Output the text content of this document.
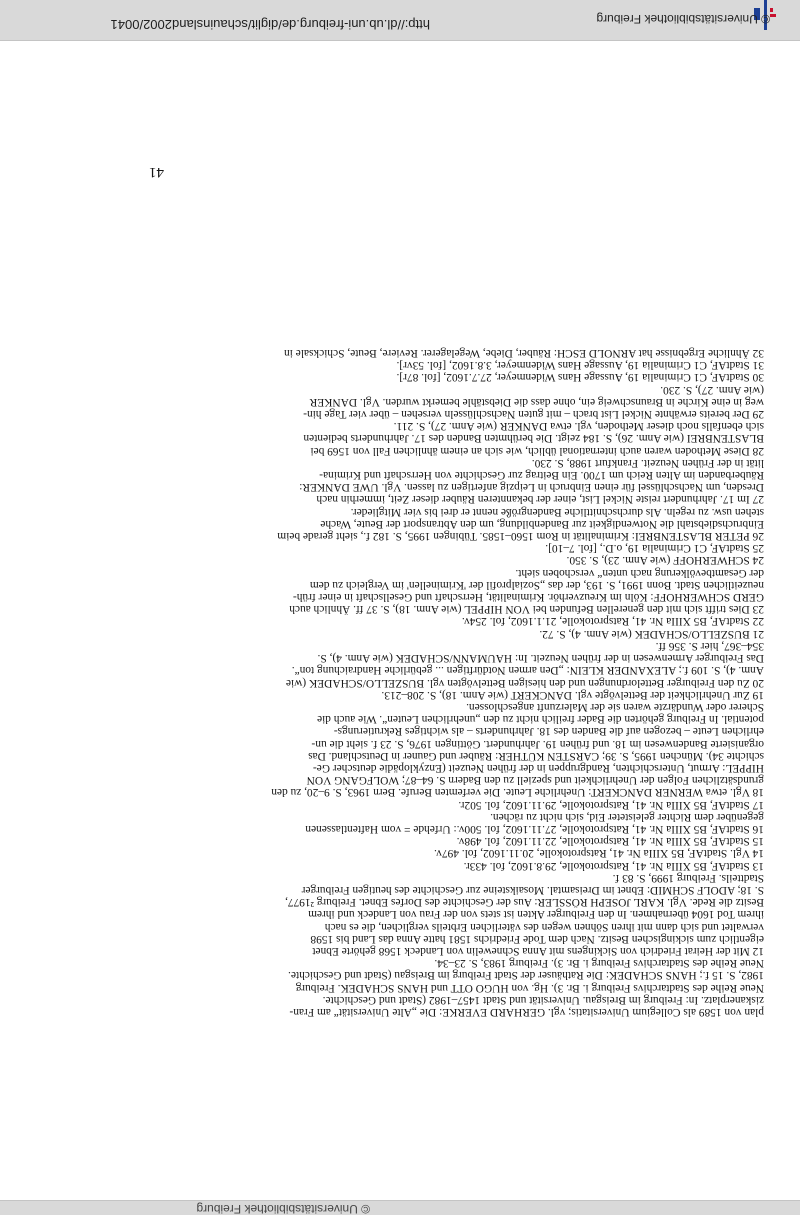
http://dl.ub.uni-freiburg.de/diglit/schauinsland2002/0041	© Universitätsbibliothek Freiburg
© Universitätsbibliothek Freiburg
41
plan von 1589 als Collegium Universitatis; vgl. GERHARD EVERKE: Die „Alte Universität“ am Fran-
ziskanerplatz. In: Freiburg im Breisgau. Universität und Stadt 1457–1982 (Stadt und Geschichte.
Neue Reihe des Stadtarchivs Freiburg i. Br. 3). Hg. von HUGO OTT und HANS SCHADEK. Freiburg
1982, S. 15 f.; HANS SCHADEK: Die Rathäuser der Stadt Freiburg im Breisgau (Stadt und Geschichte.
Neue Reihe des Stadtarchivs Freiburg i. Br. 3). Freiburg 1983, S. 23–34.
12 Mit der Heirat Friedrich von Sickingens mit Anna Schnewelin von Landeck 1568 gehörte Ebnet
eigentlich zum sickingischen Besitz. Nach dem Tode Friedrichs 1581 hatte Anna das Land bis 1598
verwaltet und sich dann mit ihren Söhnen wegen des väterlichen Erbteils verglichen, die es nach
ihrem Tod 1604 übernahmen. In den Freiburger Akten ist stets von der Frau von Landeck und ihrem
Besitz die Rede. Vgl. KARL JOSEPH RÖSSLER: Aus der Geschichte des Dorfes Ebnet. Freiburg ²1977,
S. 18; ADOLF SCHMID: Ebnet im Dreisamtal. Mosaiksteine zur Geschichte des heutigen Freiburger
Stadtteils. Freiburg 1999, S. 83 f.
13 StadtAF, B5 XIIIa Nr. 41, Ratsprotokolle, 29.8.1602, fol. 433r.
14 Vgl. StadtAF, B5 XIIIa Nr. 41, Ratsprotokolle, 20.11.1602, fol. 497v.
15 StadtAF, B5 XIIIa Nr. 41, Ratsprotokolle, 22.11.1602, fol. 498v.
16 StadtAF, B5 XIIIa Nr. 41, Ratsprotokolle, 27.11.1602, fol. 500v.: Urfehde = vom Haftentlassenen
gegenüber dem Richter geleisteter Eid, sich nicht zu rächen.
17 StadtAF, B5 XIIIa Nr. 41, Ratsprotokolle, 29.11.1602, fol. 502r.
18 Vgl. etwa WERNER DANCKERT: Unehrliche Leute. Die verfemten Berufe. Bern 1963, S. 9–20, zu den
grundsätzlichen Folgen der Unehrlichkeit und speziell zu den Badern S. 64–87; WOLFGANG VON
HIPPEL: Armut, Unterschichten, Randgruppen in der frühen Neuzeit (Enzyklopädie deutscher Ge-
schichte 34). München 1995, S. 39; CARSTEN KÜTHER: Räuber und Gauner in Deutschland. Das
organisierte Bandenwesen im 18. und frühen 19. Jahrhundert. Göttingen 1976, S. 23 f. sieht die un-
ehrlichen Leute – bezogen auf die Banden des 18. Jahrhunderts – als wichtiges Rekrutierungs-
potential. In Freiburg gehörten die Bader freilich nicht zu den „unehrlichen Leuten“. Wie auch die
Scherer oder Wundärzte waren sie der Malerzunft angeschlossen.
19 Zur Unehrlichkeit der Bettelvögte vgl. DANCKERT (wie Anm. 18), S. 208–213.
20 Zu den Freiburger Bettelordnungen und den hiesigen Bettelvögten vgl. BUSZELLO/SCHADEK (wie
Anm. 4), S. 109 f.; ALEXANDER KLEIN: „Den armen Notdürftigen ... gebürliche Handraichung ton“.
Das Freiburger Armenwesen in der frühen Neuzeit. In: HAUMANN/SCHADEK (wie Anm. 4), S.
354–367, hier S. 356 ff.
21 BUSZELLO/SCHADEK (wie Anm. 4), S. 72.
22 StadtAF, B5 XIIIa Nr. 41, Ratsprotokolle, 21.1.1602, fol. 254v.
23 Dies trifft sich mit den generellen Befunden bei VON HIPPEL (wie Anm. 18), S. 37 ff. Ähnlich auch
GERD SCHWERHOFF: Köln im Kreuzverhör. Kriminalität, Herrschaft und Gesellschaft in einer früh-
neuzeitlichen Stadt. Bonn 1991, S. 193, der das „Sozialprofil der 'Kriminellen' im Vergleich zu dem
der Gesamtbevölkerung nach unten“ verschoben sieht.
24 SCHWERHOFF (wie Anm. 23), S. 350.
25 StadtAF, C1 Criminalia 19, o.D., [fol. 7–10].
26 PETER BLASTENBREI: Kriminalität in Rom 1560–1585. Tübingen 1995, S. 182 f., sieht gerade beim
Einbruchsdiebstahl die Notwendigkeit zur Bandenbildung, um den Abtransport der Beute, Wache
stehen usw. zu regeln. Als durchschnittliche Bandengröße nennt er drei bis vier Mitglieder.
27 Im 17. Jahrhundert reiste Nickel List, einer der bekannteren Räuber dieser Zeit, immerhin nach
Dresden, um Nachschlüssel für einen Einbruch in Leipzig anfertigen zu lassen. Vgl. UWE DANKER:
Räuberbanden im Alten Reich um 1700. Ein Beitrag zur Geschichte von Herrschaft und Krimina-
lität in der Frühen Neuzeit. Frankfurt 1988, S. 230.
28 Diese Methoden waren auch international üblich, wie sich an einem ähnlichen Fall von 1569 bei
BLASTENBREI (wie Anm. 26), S. 184 zeigt. Die berühmten Banden des 17. Jahrhunderts bedienten
sich ebenfalls noch dieser Methoden, vgl. etwa DANKER (wie Anm. 27), S. 211.
29 Der bereits erwähnte Nickel List brach – mit guten Nachschlüsseln versehen – über vier Tage hin-
weg in eine Kirche in Braunschweig ein, ohne dass die Diebstähle bemerkt wurden. Vgl. DANKER
(wie Anm. 27), S. 230.
30 StadtAF, C1 Criminalia 19, Aussage Hans Widenmeyer, 27.7.1602, [fol. 87r].
31 StadtAF, C1 Criminalia 19, Aussage Hans Widenmeyer, 3.8.1602, [fol. 53vr].
32 Ähnliche Ergebnisse hat ARNOLD ESCH: Räuber, Diebe, Wegelagerer. Reviere, Beute, Schicksale in
